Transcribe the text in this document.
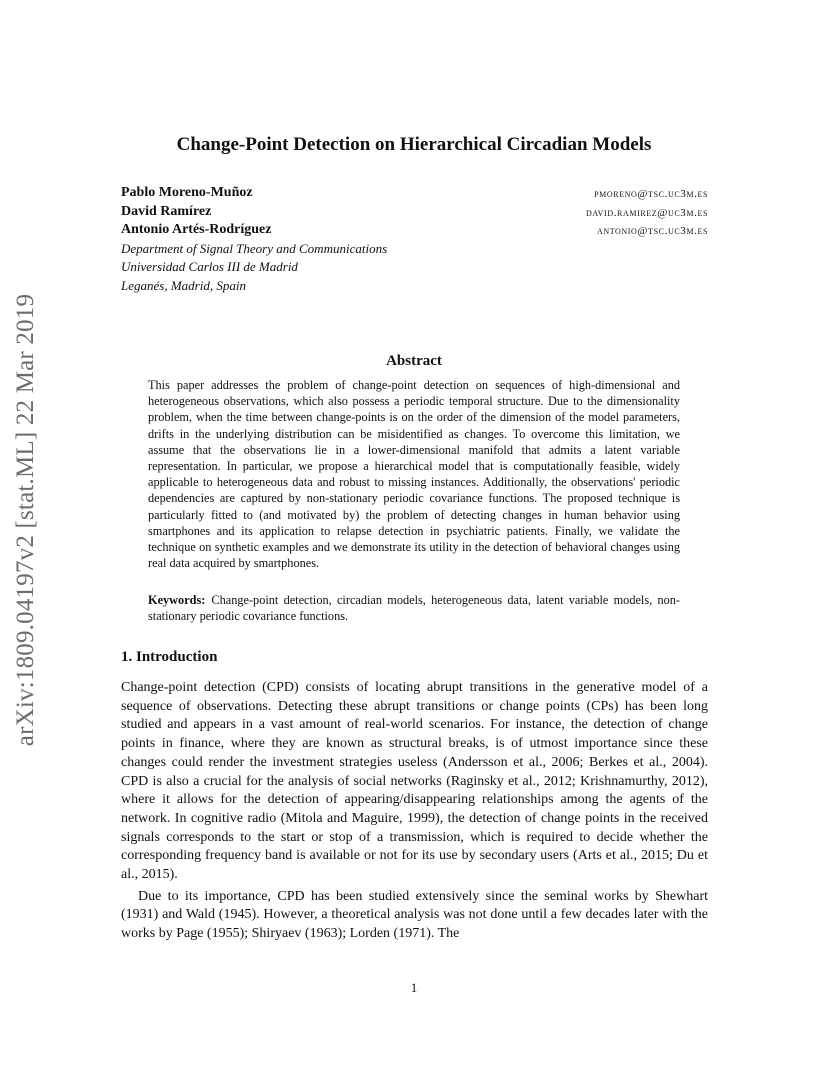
arXiv:1809.04197v2 [stat.ML] 22 Mar 2019
Change-Point Detection on Hierarchical Circadian Models
Pablo Moreno-Muñoz	pmoreno@tsc.uc3m.es
David Ramírez	david.ramirez@uc3m.es
Antonio Artés-Rodríguez	antonio@tsc.uc3m.es
Department of Signal Theory and Communications
Universidad Carlos III de Madrid
Leganés, Madrid, Spain
Abstract
This paper addresses the problem of change-point detection on sequences of high-dimensional and heterogeneous observations, which also possess a periodic temporal structure. Due to the dimensionality problem, when the time between change-points is on the order of the dimension of the model parameters, drifts in the underlying distribution can be misidentified as changes. To overcome this limitation, we assume that the observations lie in a lower-dimensional manifold that admits a latent variable representation. In particular, we propose a hierarchical model that is computationally feasible, widely applicable to heterogeneous data and robust to missing instances. Additionally, the observations' periodic dependencies are captured by non-stationary periodic covariance functions. The proposed technique is particularly fitted to (and motivated by) the problem of detecting changes in human behavior using smartphones and its application to relapse detection in psychiatric patients. Finally, we validate the technique on synthetic examples and we demonstrate its utility in the detection of behavioral changes using real data acquired by smartphones.
Keywords: Change-point detection, circadian models, heterogeneous data, latent variable models, non-stationary periodic covariance functions.
1. Introduction

Change-point detection (CPD) consists of locating abrupt transitions in the generative model of a sequence of observations. Detecting these abrupt transitions or change points (CPs) has been long studied and appears in a vast amount of real-world scenarios. For instance, the detection of change points in finance, where they are known as structural breaks, is of utmost importance since these changes could render the investment strategies useless (Andersson et al., 2006; Berkes et al., 2004). CPD is also a crucial for the analysis of social networks (Raginsky et al., 2012; Krishnamurthy, 2012), where it allows for the detection of appearing/disappearing relationships among the agents of the network. In cognitive radio (Mitola and Maguire, 1999), the detection of change points in the received signals corresponds to the start or stop of a transmission, which is required to decide whether the corresponding frequency band is available or not for its use by secondary users (Arts et al., 2015; Du et al., 2015).

Due to its importance, CPD has been studied extensively since the seminal works by Shewhart (1931) and Wald (1945). However, a theoretical analysis was not done until a few decades later with the works by Page (1955); Shiryaev (1963); Lorden (1971). The

1
